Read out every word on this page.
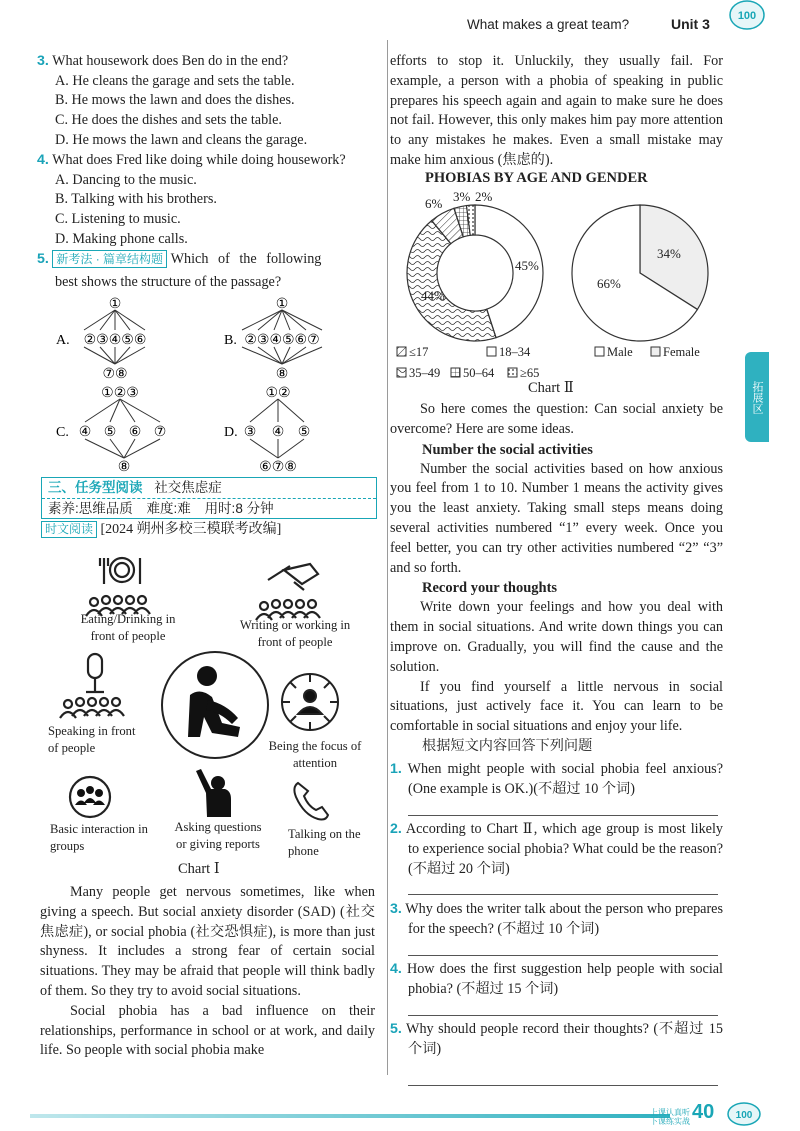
What makes a great team?	Unit 3	100
拓展区

3. What housework does Ben do in the end?

A. He cleans the garage and sets the table.

B. He mows the lawn and does the dishes.

C. He does the dishes and sets the table.

D. He mows the lawn and cleans the garage.

4. What does Fred like doing while doing housework?

A. Dancing to the music.

B. Talking with his brothers.

C. Listening to music.

D. Making phone calls.

5. 新考法 · 篇章结构题 Which of the following

best shows the structure of the passage?

A.
①
②③④⑤⑥
⑦⑧
B.
①
②③④⑤⑥⑦
⑧
C.
①②③
④ ⑤ ⑥ ⑦
⑧
D.
①②
③ ④ ⑤
⑥⑦⑧
三、任务型阅读 社交焦虑症
素养:思维品质 难度:难 用时:8 分钟
时文阅读 [2024 朔州多校三模联考改编]
Eating/Drinking in front of people
Writing or working in front of people
Speaking in front of people	Being the focus of attention
Basic interaction in groups
Asking questions or giving reports
Talking on the phone
Chart Ⅰ

Many people get nervous sometimes, like when giving a speech. But social anxiety disorder (SAD) (社交焦虑症), or social phobia (社交恐惧症), is more than just shyness. It includes a strong fear of certain social situations. They may be afraid that people will think badly of them. So they try to avoid social situations.

Social phobia has a bad influence on their relationships, performance in school or at work, and daily life. So people with social phobia make

efforts to stop it. Unluckily, they usually fail. For example, a person with a phobia of speaking in public prepares his speech again and again to make sure he does not fail. However, this only makes him pay more attention to any mistakes he makes. Even a small mistake may make him anxious (焦虑的).

PHOBIAS BY AGE AND GENDER
6%
44%
45%
3% 2%
66%
34%
≤17	18–34
35–49 50–64 ≥65
Male Female
Chart Ⅱ

So here comes the question: Can social anxiety be overcome? Here are some ideas.

Number the social activities

Number the social activities based on how anxious you feel from 1 to 10. Number 1 means the activity gives you the least anxiety. Taking small steps means doing several activities numbered “1” every week. Once you feel better, you can try other activities numbered “2” “3” and so forth.

Record your thoughts

Write down your feelings and how you deal with them in social situations. And write down things you can improve on. Gradually, you will find the cause and the solution.

If you find yourself a little nervous in social situations, just actively face it. You can learn to be comfortable in social situations and enjoy your life.

根据短文内容回答下列问题

1. When might people with social phobia feel anxious? (One example is OK.)(不超过 10 个词)
2. According to Chart Ⅱ, which age group is most likely to experience social phobia? What could be the reason? (不超过 20 个词)
3. Why does the writer talk about the person who prepares for the speech? (不超过 10 个词)
4. How does the first suggestion help people with social phobia? (不超过 15 个词)
5. Why should people record their thoughts? (不超过 15 个词)
上课认真听 下课练实战 40 100
